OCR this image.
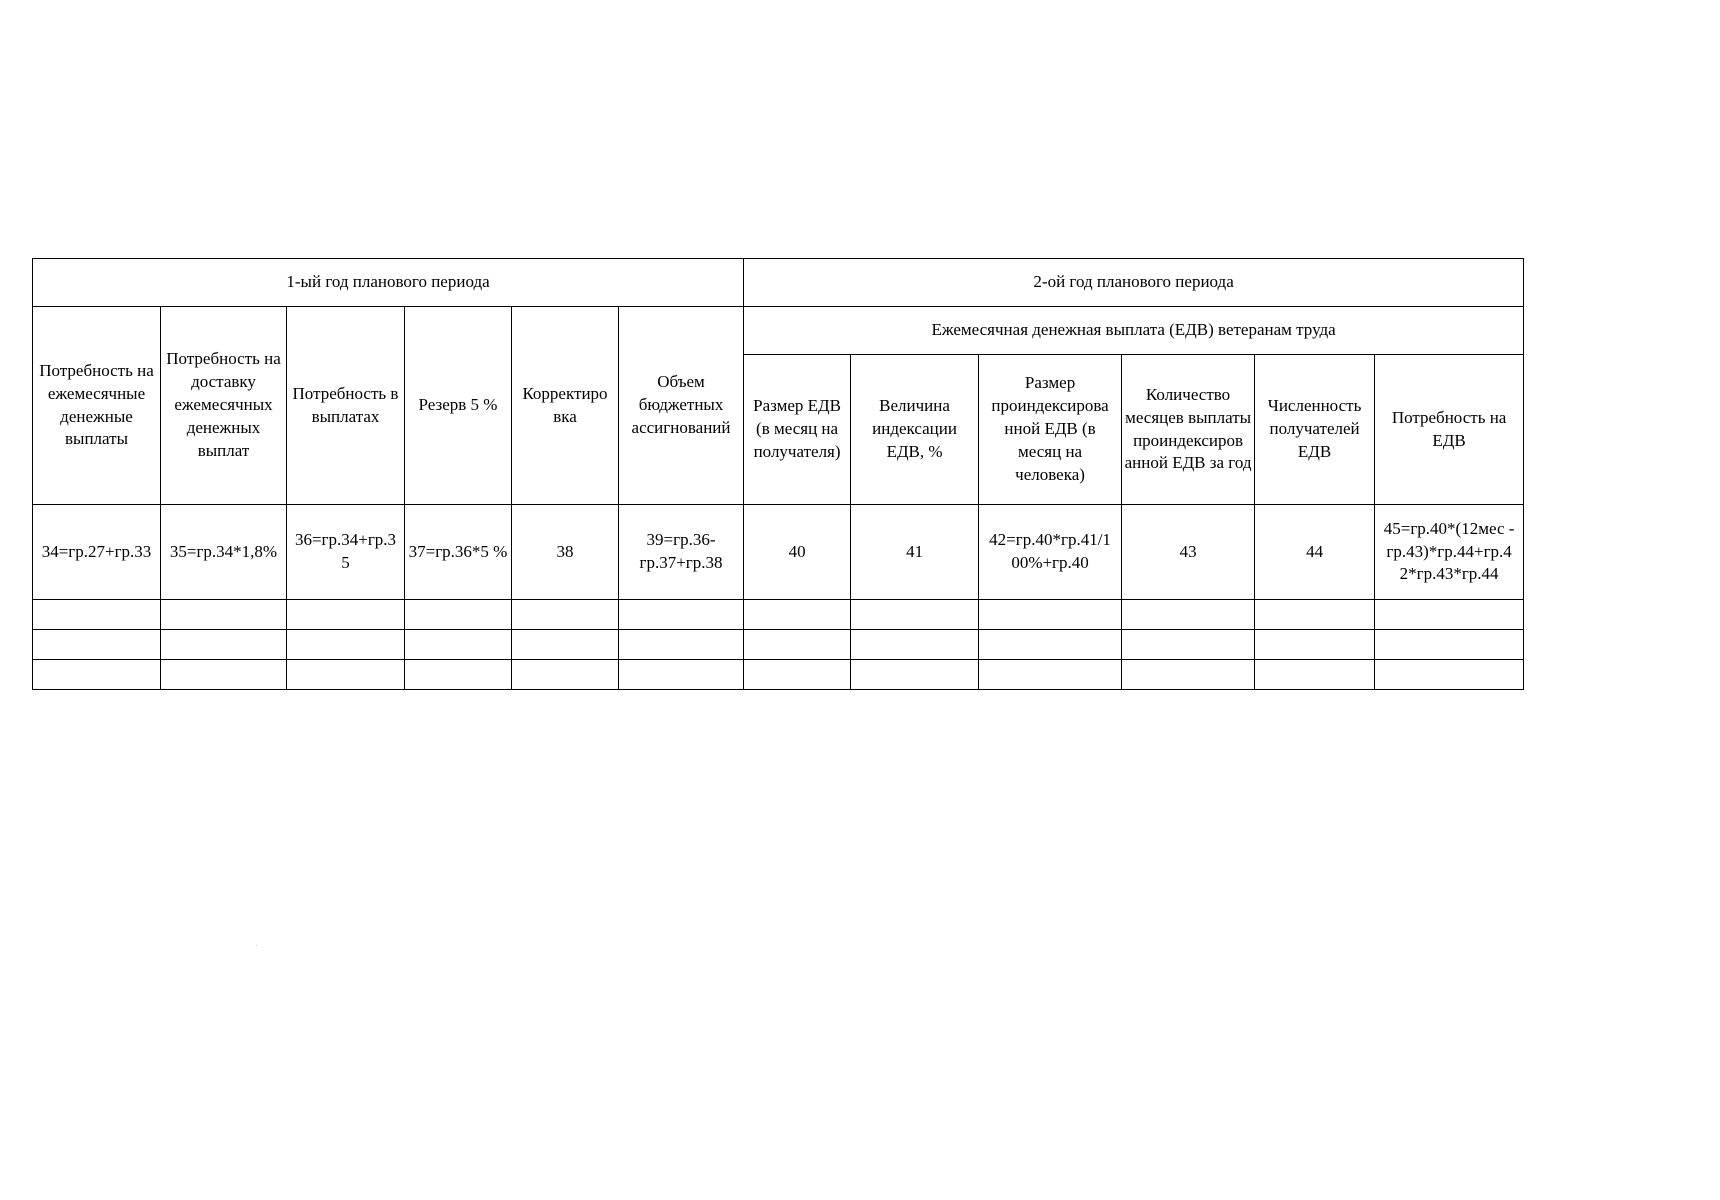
1-ый год планового периода						2-ой год планового периода					
Потребность на ежемесячные денежные выплаты	Потребность на доставку ежемесячных денежных выплат	Потребность в выплатах	Резерв 5 %	Корректиро вка	Объем бюджетных ассигнований	Ежемесячная денежная выплата (ЕДВ) ветеранам труда					
						Размер ЕДВ (в месяц на получателя)	Величина индексации ЕДВ, %	Размер проиндексирова нной ЕДВ (в месяц на человека)	Количество месяцев выплаты проиндексиров анной ЕДВ за год	Численность получателей ЕДВ	Потребность на ЕДВ
34=гр.27+гр.33	35=гр.34*1,8%	36=гр.34+гр.3 5	37=гр.36*5 %	38	39=гр.36-гр.37+гр.38	40	41	42=гр.40*гр.41/1 00%+гр.40	43	44	45=гр.40*(12мес - гр.43)*гр.44+гр.4 2*гр.43*гр.44
